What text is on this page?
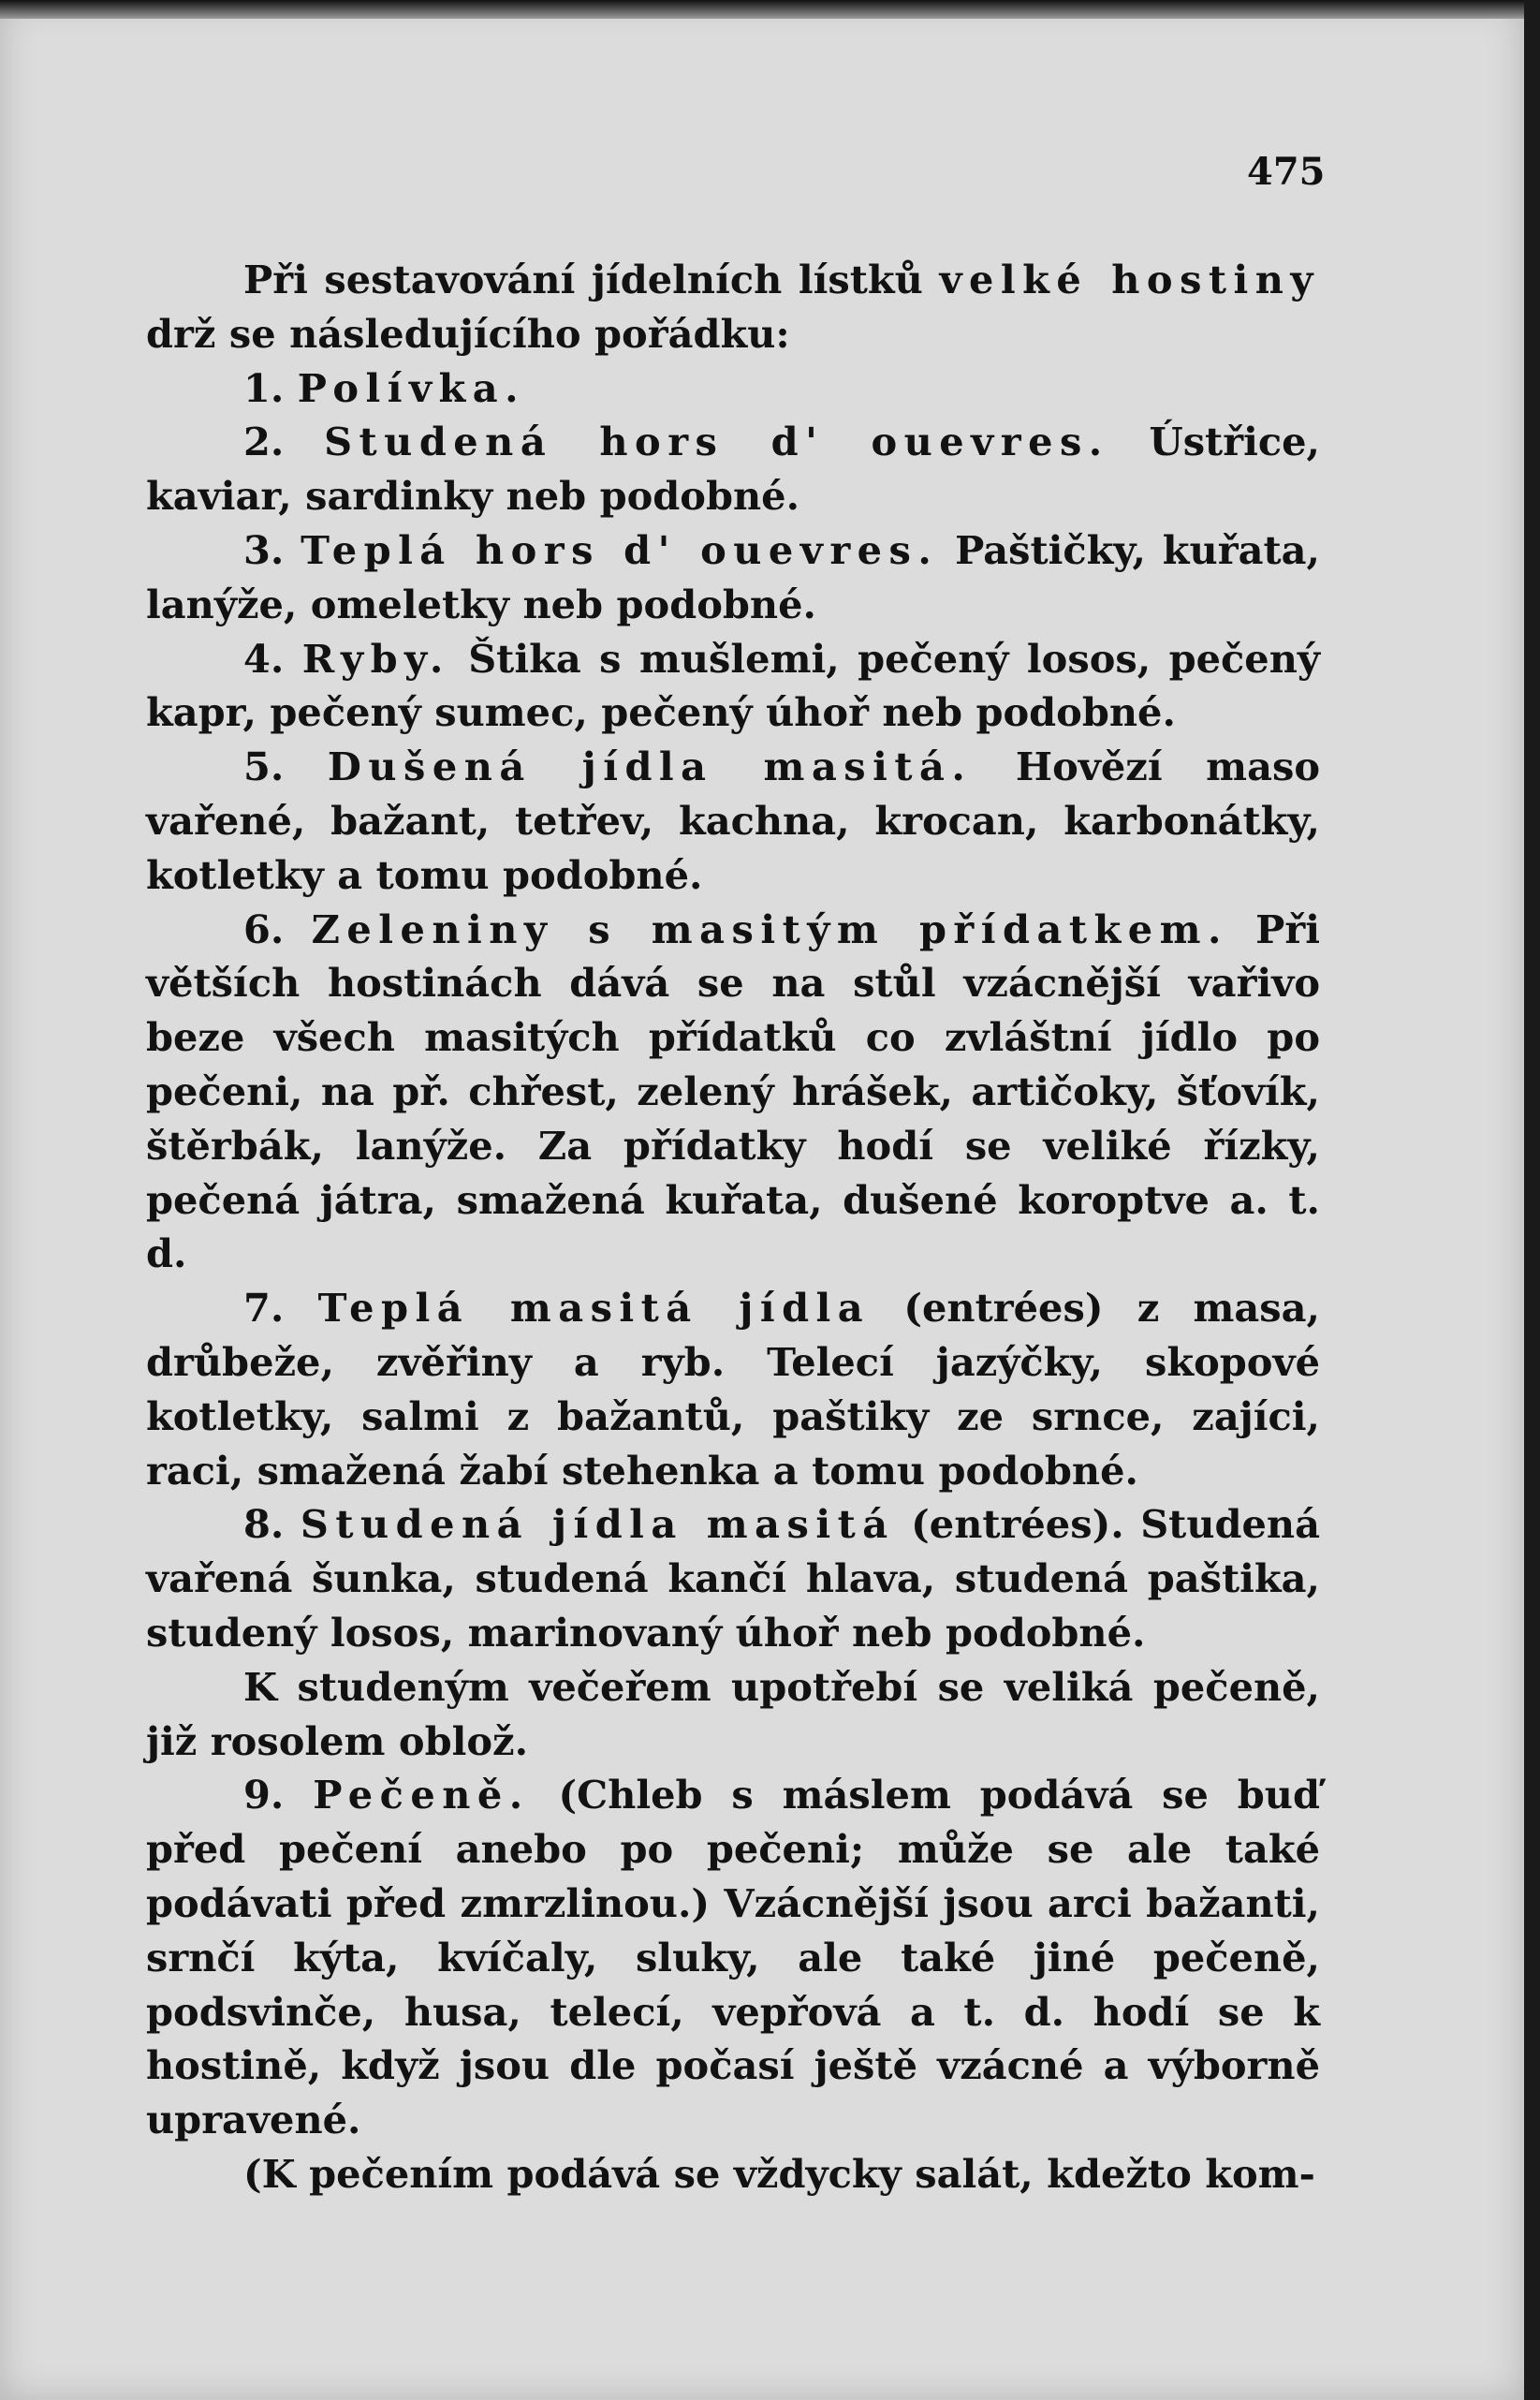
475

Při sestavování jídelních lístků velké hostiny drž se následujícího pořádku:

1. Polívka.

2. Studená hors d' ouevres. Ústřice, kaviar, sardinky neb podobné.

3. Teplá hors d' ouevres. Paštičky, kuřata, lanýže, omeletky neb podobné.

4. Ryby. Štika s mušlemi, pečený losos, pečený kapr, pečený sumec, pečený úhoř neb podobné.

5. Dušená jídla masitá. Hovězí maso vařené, bažant, tetřev, kachna, krocan, karbonátky, kotletky a tomu podobné.

6. Zeleniny s masitým přídatkem. Při větších hostinách dává se na stůl vzácnější vařivo beze všech masitých přídatků co zvláštní jídlo po pečeni, na př. chřest, zelený hrášek, artičoky, šťovík, štěrbák, lanýže. Za přídatky hodí se veliké řízky, pečená játra, smažená kuřata, dušené koroptve a. t. d.

7. Teplá masitá jídla (entrées) z masa, drůbeže, zvěřiny a ryb. Telecí jazýčky, skopové kotletky, salmi z bažantů, paštiky ze srnce, zajíci, raci, smažená žabí stehenka a tomu podobné.

8. Studená jídla masitá (entrées). Studená vařená šunka, studená kančí hlava, studená paštika, studený losos, marinovaný úhoř neb podobné.

K studeným večeřem upotřebí se veliká pečeně, již rosolem oblož.

9. Pečeně. (Chleb s máslem podává se buď před pečení anebo po pečeni; může se ale také podávati před zmrzlinou.) Vzácnější jsou arci bažanti, srnčí kýta, kvíčaly, sluky, ale také jiné pečeně, podsvinče, husa, telecí, vepřová a t. d. hodí se k hostině, když jsou dle počasí ještě vzácné a výborně upravené.

(K pečením podává se vždycky salát, kdežto kom-
